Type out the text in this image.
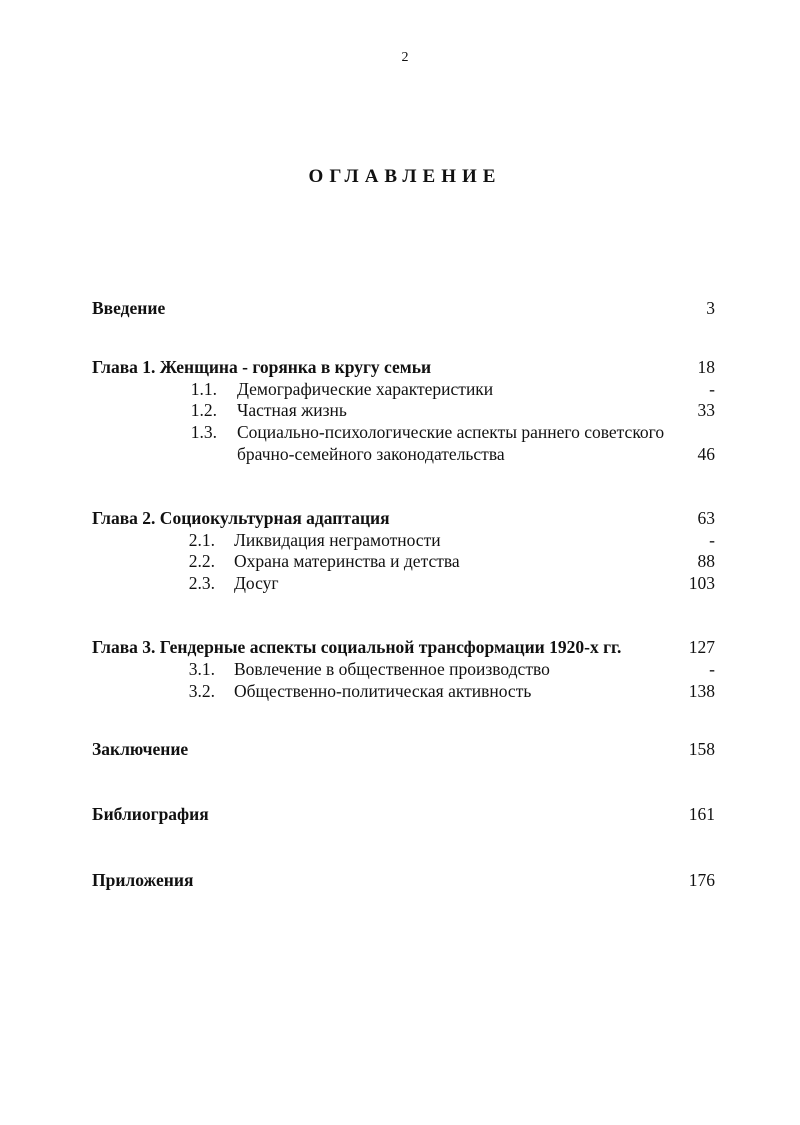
2
ОГЛАВЛЕНИЕ
Введение	3
Глава 1. Женщина - горянка в кругу семьи	18
1.1. Демографические характеристики	-
1.2. Частная жизнь	33
1.3. Социально-психологические аспекты раннего советского
брачно-семейного законодательства	46
Глава 2. Социокультурная адаптация	63
2.1. Ликвидация неграмотности	-
2.2. Охрана материнства и детства	88
2.3. Досуг	103
Глава 3. Гендерные аспекты социальной трансформации 1920-х гг.	127
3.1. Вовлечение в общественное производство	-
3.2. Общественно-политическая активность	138
Заключение	158
Библиография	161
Приложения	176
